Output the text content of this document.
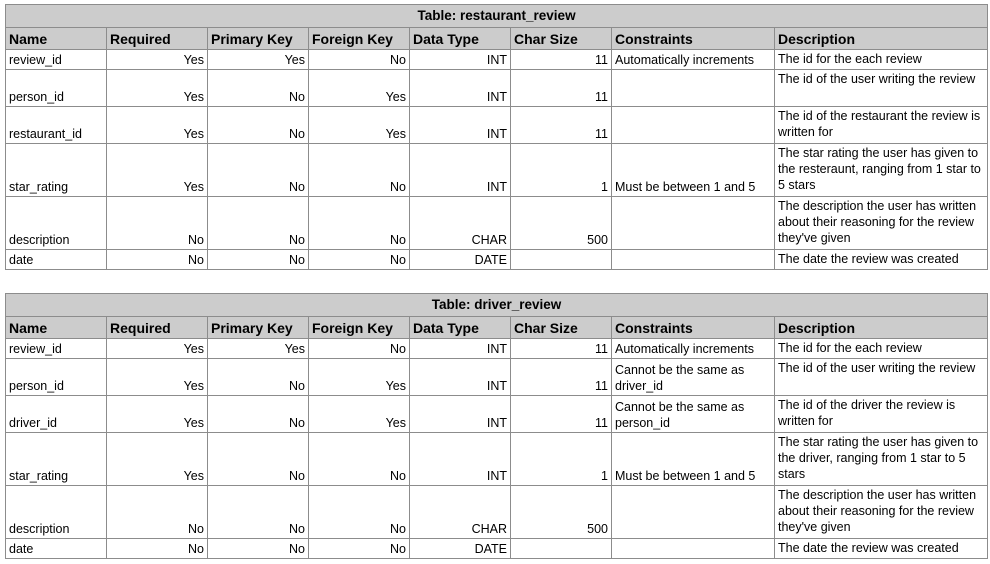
Table: restaurant_review							
Name	Required	Primary Key	Foreign Key	Data Type	Char Size	Constraints	Description
review_id	Yes	Yes	No	INT	11	Automatically increments	The id for the each review
person_id	Yes	No	Yes	INT	11		The id of the user writing the review
restaurant_id	Yes	No	Yes	INT	11		The id of the restaurant the review is written for
star_rating	Yes	No	No	INT	1	Must be between 1 and 5	The star rating the user has given to the resteraunt, ranging from 1 star to 5 stars
description	No	No	No	CHAR	500		The description the user has written about their reasoning for the review they've given
date	No	No	No	DATE			The date the review was created
Table: driver_review							
Name	Required	Primary Key	Foreign Key	Data Type	Char Size	Constraints	Description
review_id	Yes	Yes	No	INT	11	Automatically increments	The id for the each review
person_id	Yes	No	Yes	INT	11	Cannot be the same as driver_id	The id of the user writing the review
driver_id	Yes	No	Yes	INT	11	Cannot be the same as person_id	The id of the driver the review is written for
star_rating	Yes	No	No	INT	1	Must be between 1 and 5	The star rating the user has given to the driver, ranging from 1 star to 5 stars
description	No	No	No	CHAR	500		The description the user has written about their reasoning for the review they've given
date	No	No	No	DATE			The date the review was created
